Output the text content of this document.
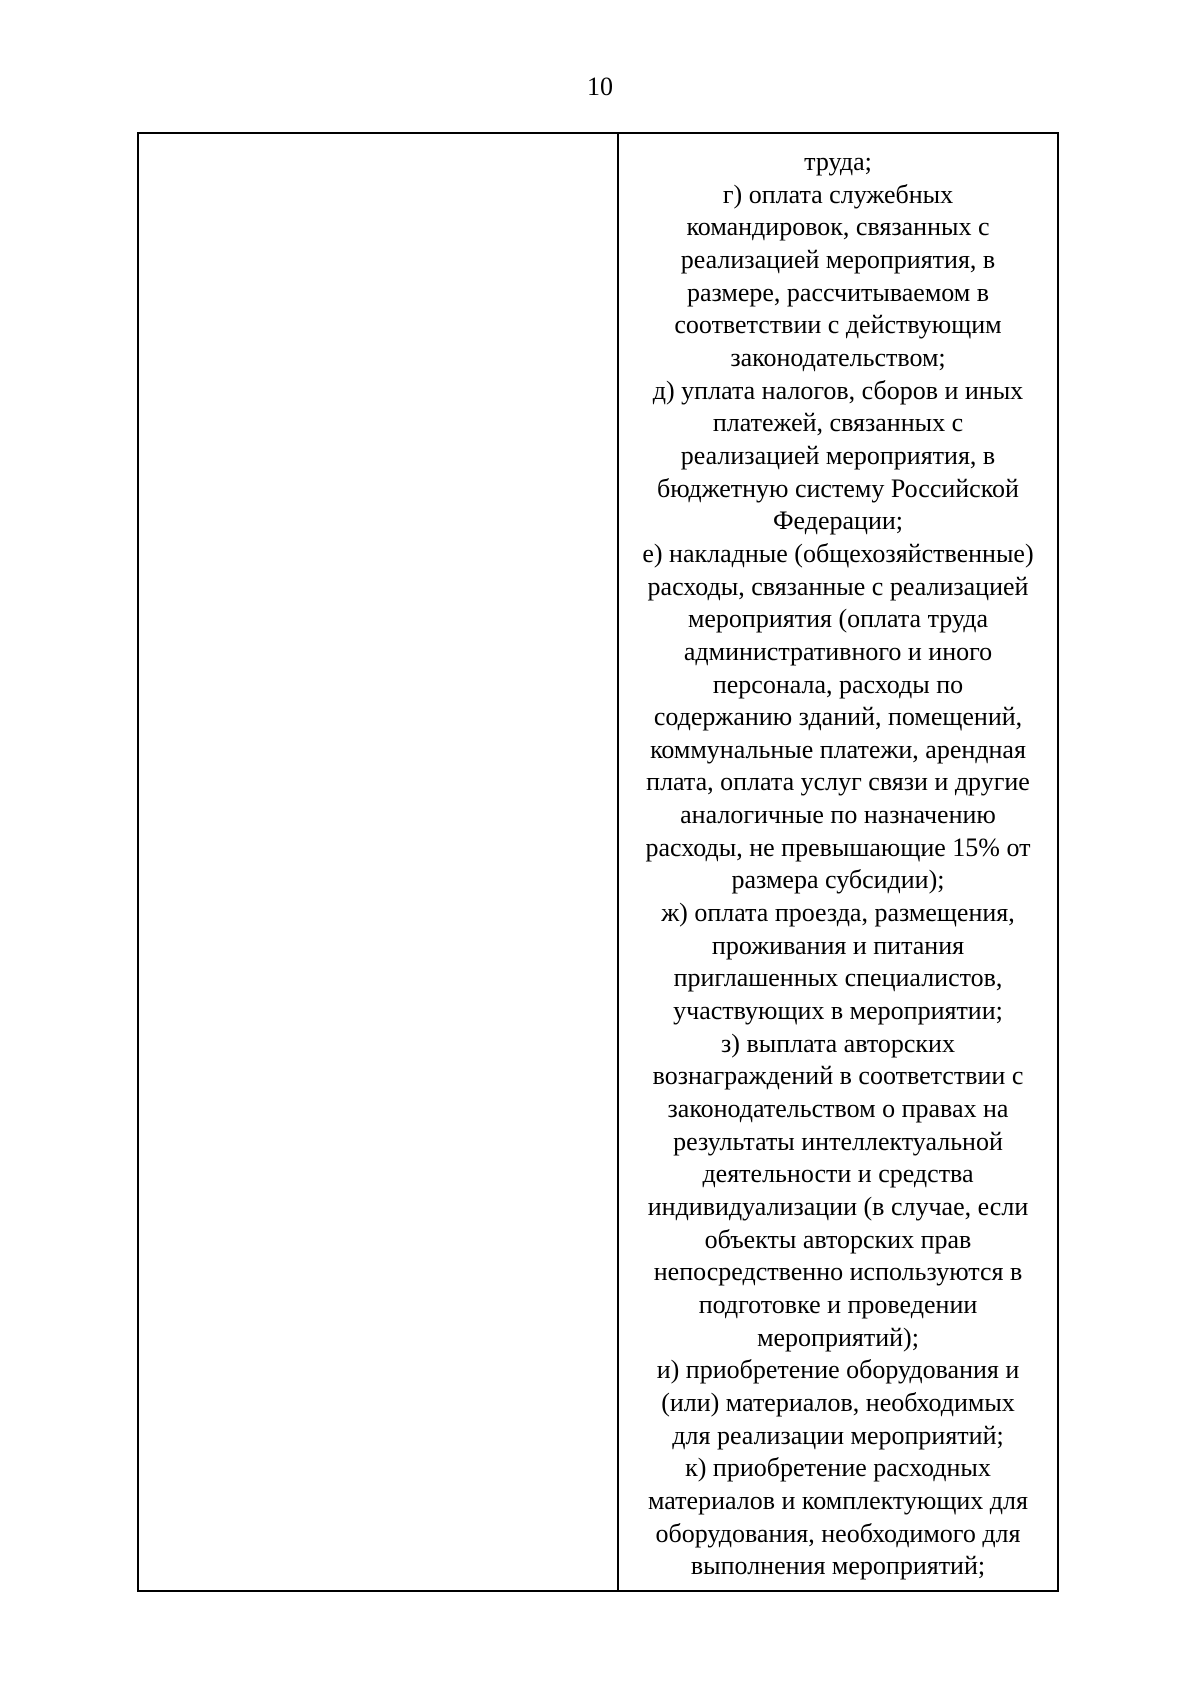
10
труда;
г) оплата служебных
командировок, связанных с
реализацией мероприятия, в
размере, рассчитываемом в
соответствии с действующим
законодательством;
д) уплата налогов, сборов и иных
платежей, связанных с
реализацией мероприятия, в
бюджетную систему Российской
Федерации;
е) накладные (общехозяйственные)
расходы, связанные с реализацией
мероприятия (оплата труда
административного и иного
персонала, расходы по
содержанию зданий, помещений,
коммунальные платежи, арендная
плата, оплата услуг связи и другие
аналогичные по назначению
расходы, не превышающие 15% от
размера субсидии);
ж) оплата проезда, размещения,
проживания и питания
приглашенных специалистов,
участвующих в мероприятии;
з) выплата авторских
вознаграждений в соответствии с
законодательством о правах на
результаты интеллектуальной
деятельности и средства
индивидуализации (в случае, если
объекты авторских прав
непосредственно используются в
подготовке и проведении
мероприятий);
и) приобретение оборудования и
(или) материалов, необходимых
для реализации мероприятий;
к) приобретение расходных
материалов и комплектующих для
оборудования, необходимого для
выполнения мероприятий;
